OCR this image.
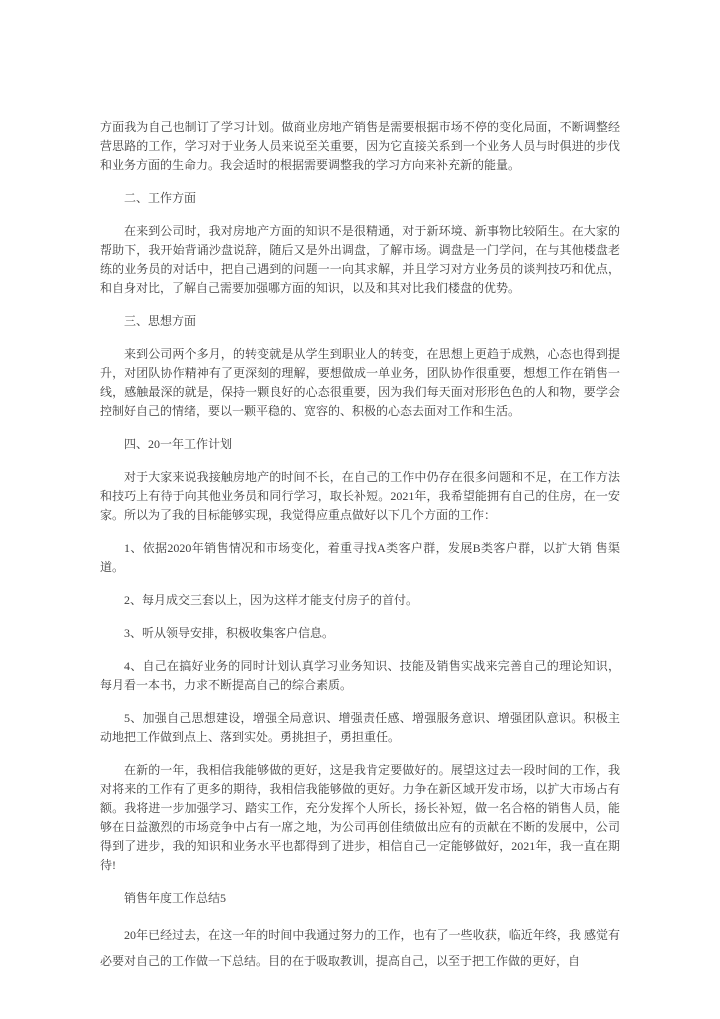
方面我为自己也制订了学习计划。做商业房地产销售是需要根据市场不停的变化局面，不断调整经营思路的工作，学习对于业务人员来说至关重要，因为它直接关系到一个业务人员与时俱进的步伐和业务方面的生命力。我会适时的根据需要调整我的学习方向来补充新的能量。

二、工作方面

在来到公司时，我对房地产方面的知识不是很精通，对于新环境、新事物比较陌生。在大家的帮助下，我开始背诵沙盘说辞，随后又是外出调盘，了解市场。调盘是一门学问，在与其他楼盘老练的业务员的对话中，把自己遇到的问题一一向其求解，并且学习对方业务员的谈判技巧和优点，和自身对比，了解自己需要加强哪方面的知识，以及和其对比我们楼盘的优势。

三、思想方面

来到公司两个多月，的转变就是从学生到职业人的转变，在思想上更趋于成熟，心态也得到提升，对团队协作精神有了更深刻的理解，要想做成一单业务，团队协作很重要，想想工作在销售一线，感触最深的就是，保持一颗良好的心态很重要，因为我们每天面对形形色色的人和物，要学会控制好自己的情绪，要以一颗平稳的、宽容的、积极的心态去面对工作和生活。

四、20一年工作计划

对于大家来说我接触房地产的时间不长，在自己的工作中仍存在很多问题和不足，在工作方法和技巧上有待于向其他业务员和同行学习，取长补短。2021年，我希望能拥有自己的住房，在一安家。所以为了我的目标能够实现，我觉得应重点做好以下几个方面的工作：

1、依据2020年销售情况和市场变化，着重寻找A类客户群，发展B类客户群，以扩大销 售渠道。

2、每月成交三套以上，因为这样才能支付房子的首付。

3、听从领导安排，积极收集客户信息。

4、自己在搞好业务的同时计划认真学习业务知识、技能及销售实战来完善自己的理论知识，每月看一本书，力求不断提高自己的综合素质。

5、加强自己思想建设，增强全局意识、增强责任感、增强服务意识、增强团队意识。积极主动地把工作做到点上、落到实处。勇挑担子，勇担重任。

在新的一年，我相信我能够做的更好，这是我肯定要做好的。展望这过去一段时间的工作，我对将来的工作有了更多的期待，我相信我能够做的更好。力争在新区域开发市场，以扩大市场占有额。我将进一步加强学习、踏实工作，充分发挥个人所长，扬长补短，做一名合格的销售人员，能够在日益激烈的市场竞争中占有一席之地，为公司再创佳绩做出应有的贡献在不断的发展中，公司得到了进步，我的知识和业务水平也都得到了进步，相信自己一定能够做好，2021年，我一直在期待!

销售年度工作总结5

20年已经过去，在这一年的时间中我通过努力的工作，也有了一些收获，临近年终，我 感觉有必要对自己的工作做一下总结。目的在于吸取教训，提高自己，以至于把工作做的更好，自
